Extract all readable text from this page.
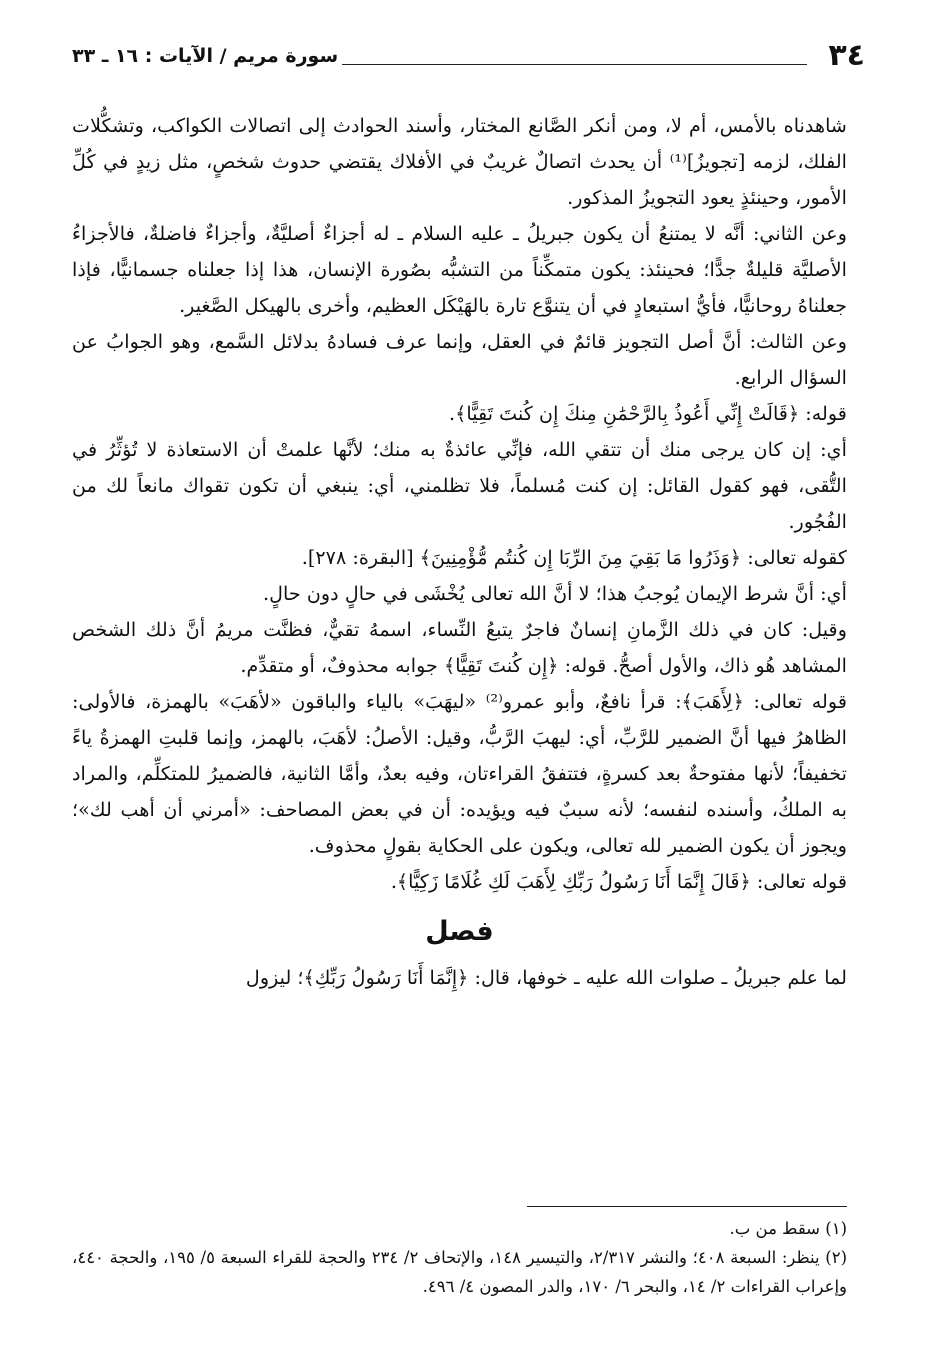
٣٤
سورة مريم / الآيات : ١٦ ـ ٣٣

شاهدناه بالأمس، أم لا، ومن أنكر الصَّانع المختار، وأسند الحوادث إلى اتصالات الكواكب، وتشكُّلات الفلك، لزمه [تجويزُ]⁽¹⁾ أن يحدث اتصالٌ غريبٌ في الأفلاك يقتضي حدوث شخصٍ، مثل زيدٍ في كُلِّ الأمور، وحينئذٍ يعود التجويزُ المذكور.

وعن الثاني: أنَّه لا يمتنعُ أن يكون جبريلُ ـ عليه السلام ـ له أجزاءٌ أصليَّةٌ، وأجزاءٌ فاضلةٌ، فالأجزاءُ الأصليَّة قليلةٌ جدًّا؛ فحينئذ: يكون متمكِّناً من التشبُّه بصُورة الإنسان، هذا إذا جعلناه جسمانيًّا، فإذا جعلناهُ روحانيًّا، فأيُّ استبعادٍ في أن يتنوَّع تارة بالهَيْكَل العظيم، وأخرى بالهيكل الصَّغير.

وعن الثالث: أنَّ أصل التجويز قائمٌ في العقل، وإنما عرف فسادهُ بدلائل السَّمع، وهو الجوابُ عن السؤال الرابع.

قوله: ﴿قَالَتْ إِنِّي أَعُوذُ بِالرَّحْمَٰنِ مِنكَ إِن كُنتَ تَقِيًّا﴾.

أي: إن كان يرجى منك أن تتقي الله، فإنِّي عائذةٌ به منك؛ لأنَّها علمتْ أن الاستعاذة لا تُؤثِّرُ في التُّقى، فهو كقول القائل: إن كنت مُسلماً، فلا تظلمني، أي: ينبغي أن تكون تقواك مانعاً لك من الفُجُور.

كقوله تعالى: ﴿وَذَرُوا مَا بَقِيَ مِنَ الرِّبَا إِن كُنتُم مُّؤْمِنِينَ﴾ [البقرة: ٢٧٨].

أي: أنَّ شرط الإيمان يُوجبُ هذا؛ لا أنَّ الله تعالى يُخْشَى في حالٍ دون حالٍ.

وقيل: كان في ذلك الزَّمانِ إنسانٌ فاجرٌ يتبعُ النِّساء، اسمهُ تقيٌّ، فظنَّت مريمُ أنَّ ذلك الشخص المشاهد هُو ذاك، والأول أصحُّ. قوله: ﴿إِن كُنتَ تَقِيًّا﴾ جوابه محذوفٌ، أو متقدِّم.

قوله تعالى: ﴿لِأَهَبَ﴾: قرأ نافعٌ، وأبو عمرو⁽²⁾ «ليهَبَ» بالياء والباقون «لأهَبَ» بالهمزة، فالأولى: الظاهرُ فيها أنَّ الضمير للرَّبِّ، أي: ليهبَ الرَّبُّ، وقيل: الأصلُ: لأهَبَ، بالهمز، وإنما قلبتِ الهمزةُ ياءً تخفيفاً؛ لأنها مفتوحةٌ بعد كسرةٍ، فتتفقُ القراءتان، وفيه بعدٌ، وأمَّا الثانية، فالضميرُ للمتكلِّم، والمراد به الملكُ، وأسنده لنفسه؛ لأنه سببٌ فيه ويؤيده: أن في بعض المصاحف: «أمرني أن أهب لك»؛ ويجوز أن يكون الضمير لله تعالى، ويكون على الحكاية بقولٍ محذوف.

قوله تعالى: ﴿قَالَ إِنَّمَا أَنَا رَسُولُ رَبِّكِ لِأَهَبَ لَكِ غُلَامًا زَكِيًّا﴾.

فصل

لما علم جبريلُ ـ صلوات الله عليه ـ خوفها، قال: ﴿إِنَّمَا أَنَا رَسُولُ رَبِّكِ﴾؛ ليزول

(١) سقط من ب.

(٢) ينظر: السبعة ٤٠٨؛ والنشر ٢/٣١٧، والتيسير ١٤٨، والإتحاف ٢/ ٢٣٤ والحجة للقراء السبعة ٥/ ١٩٥، والحجة ٤٤٠، وإعراب القراءات ٢/ ١٤، والبحر ٦/ ١٧٠، والدر المصون ٤/ ٤٩٦.
